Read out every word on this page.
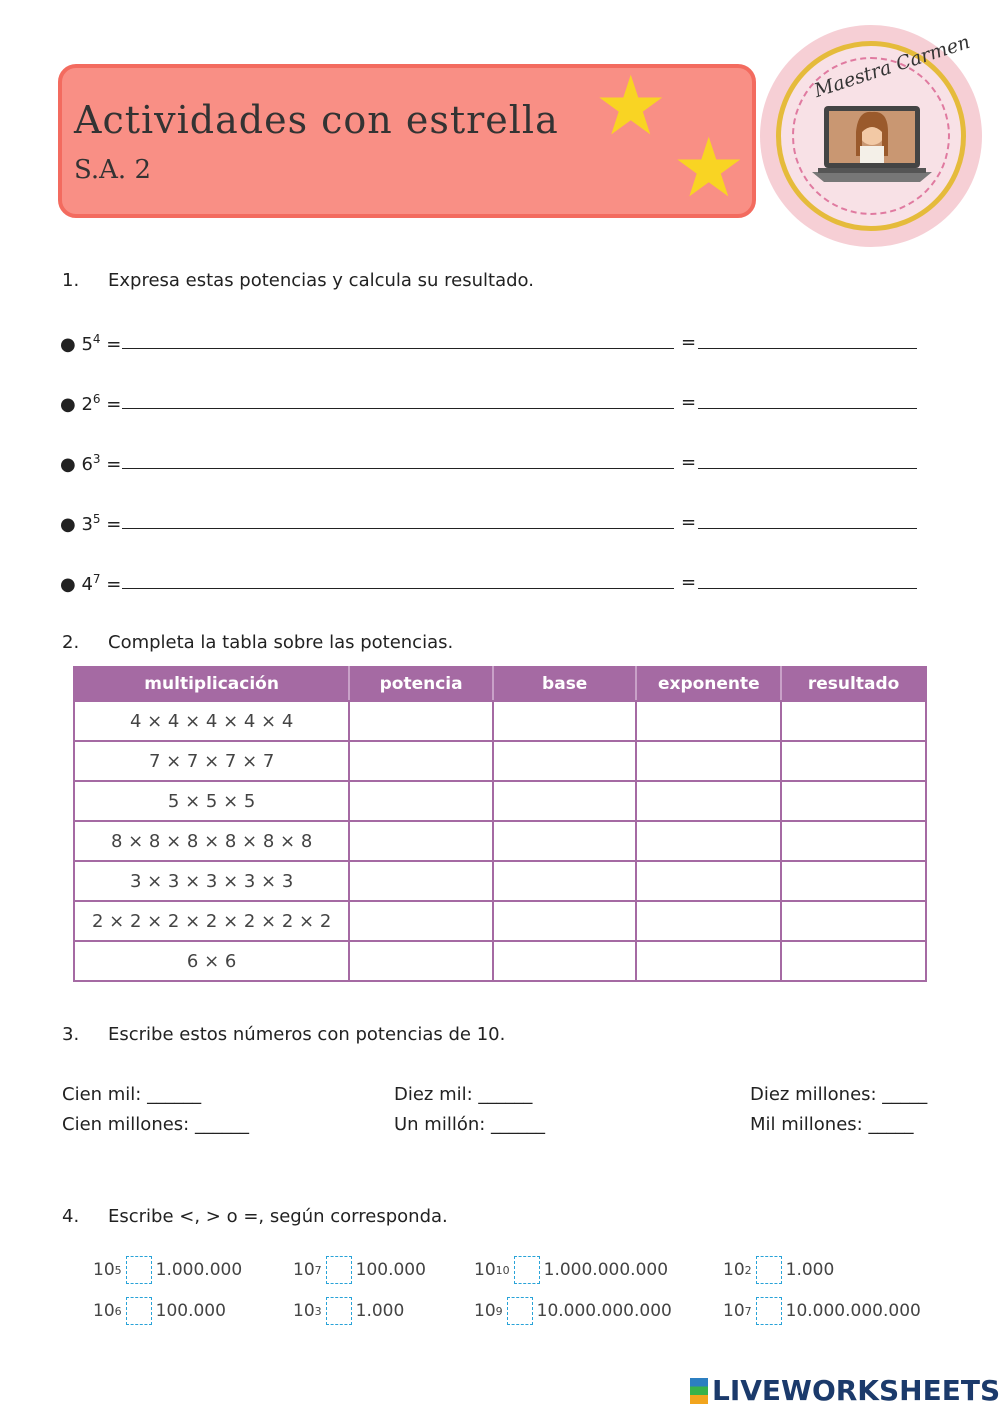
Actividades con estrella
S.A. 2
★
★
Maestra Carmen
1. Expresa estas potencias y calcula su resultado.
● $5^4$ =	=
● $2^6$ =	=
● $6^3$ =	=
● $3^5$ =	=
● $4^7$ =	=
2. Completa la tabla sobre las potencias.
multiplicación	potencia	base	exponente	resultado
4 × 4 × 4 × 4 × 4				
7 × 7 × 7 × 7				
5 × 5 × 5				
8 × 8 × 8 × 8 × 8 × 8				
3 × 3 × 3 × 3 × 3				
2 × 2 × 2 × 2 × 2 × 2 × 2				
6 × 6				
3. Escribe estos números con potencias de 10.
Cien mil: ______	Diez mil: ______	Diez millones: _____
Cien millones: ______	Un millón: ______	Mil millones: _____
4. Escribe <, > o =, según corresponda.
10 5 1.000.000	10 7 100.000	10 10 1.000.000.000	10 2 1.000
10 6 100.000	10 3 1.000	10 9 10.000.000.000	10 7 10.000.000.000
LIVEWORKSHEETS
